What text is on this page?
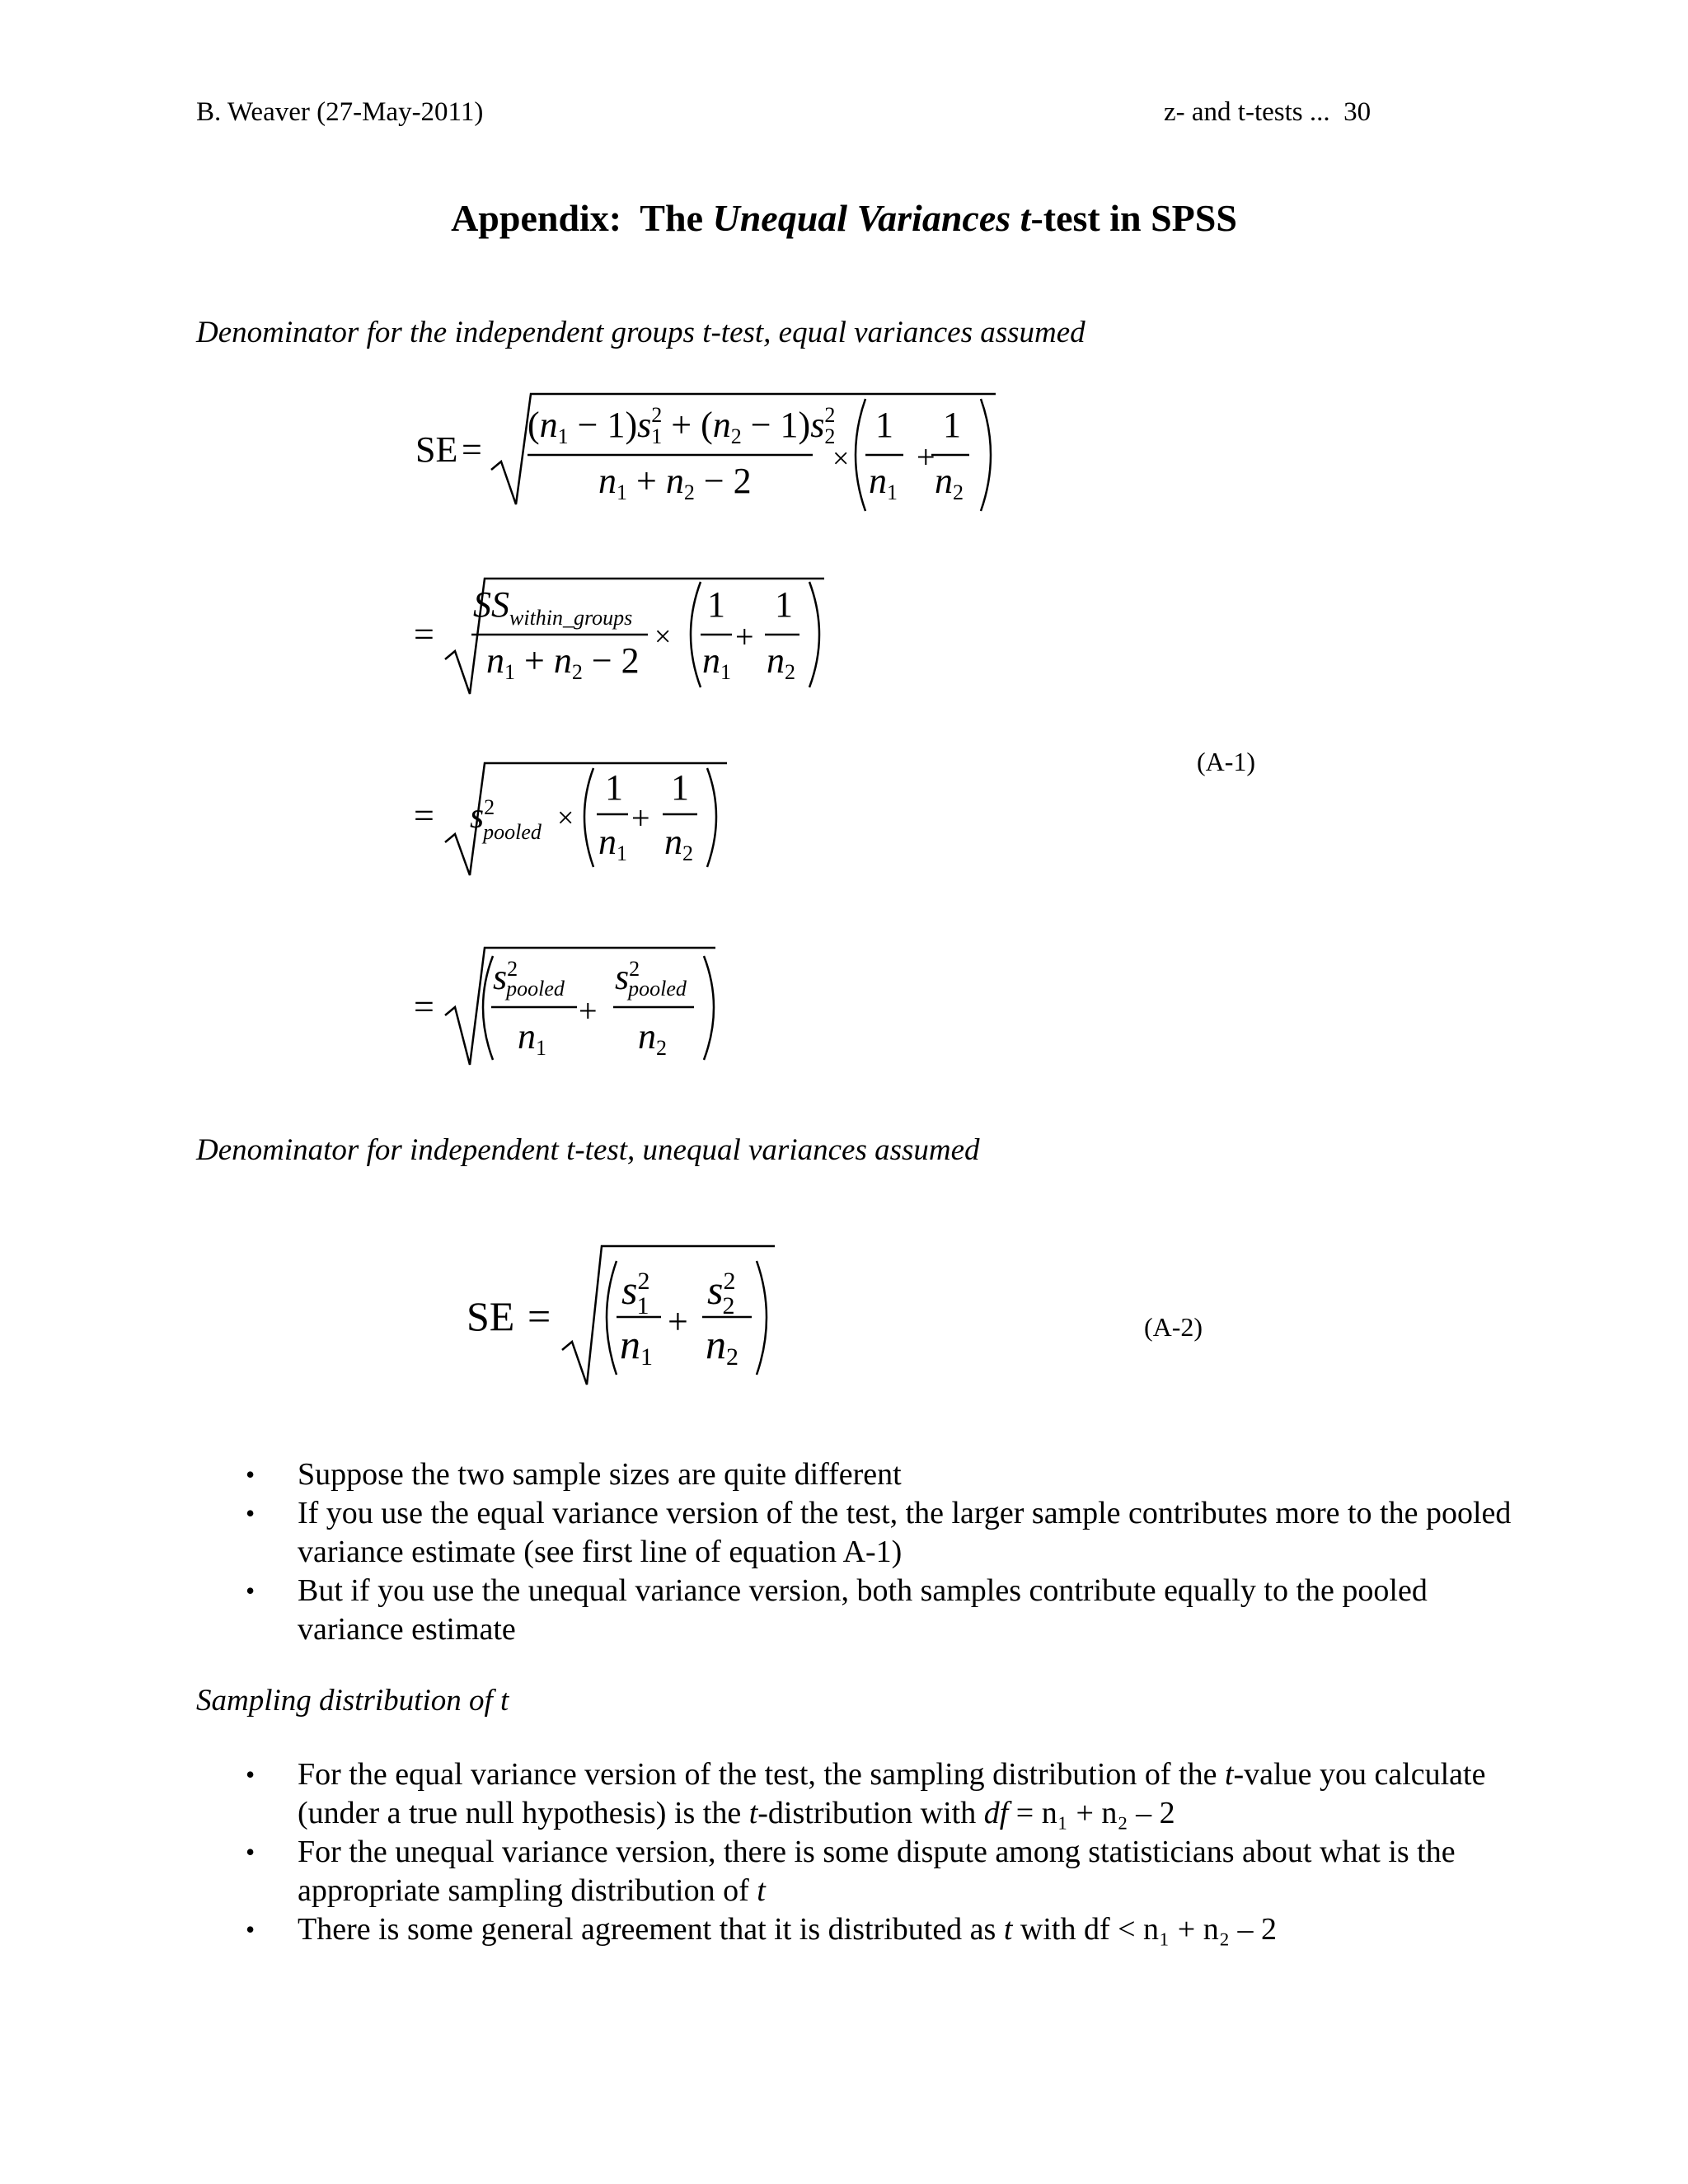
B. Weaver (27-May-2011)	z- and t-tests ... 30
Appendix:  The Unequal Variances t-test in SPSS
Denominator for the independent groups t-test, equal variances assumed
(A-1)
Denominator for independent t-test, unequal variances assumed
(A-2)
SE =	× +
1 1
(n1 − 1)s12 + (n2 − 1)s22
n1 + n2 − 2	n1 n2
=
$SS_{within\_groups}$
n1 + n2 − 2
×
1 1
+
n1 n2
= $s^2$ pooled ×
1 1
+
n1 n2
=
$s^2$ pooled
+
$s^2$ pooled
n1	n2
SE =
$s^2$ 1 +
$s^2$ 2
n1 n2
• Suppose the two sample sizes are quite different
• If you use the equal variance version of the test, the larger sample contributes more to the pooled variance estimate (see first line of equation A-1)
• But if you use the unequal variance version, both samples contribute equally to the pooled variance estimate
Sampling distribution of t
• For the equal variance version of the test, the sampling distribution of the t-value you calculate (under a true null hypothesis) is the t-distribution with df = n₁ + n₂ – 2
• For the unequal variance version, there is some dispute among statisticians about what is the appropriate sampling distribution of t
• There is some general agreement that it is distributed as t with df < n₁ + n₂ – 2
